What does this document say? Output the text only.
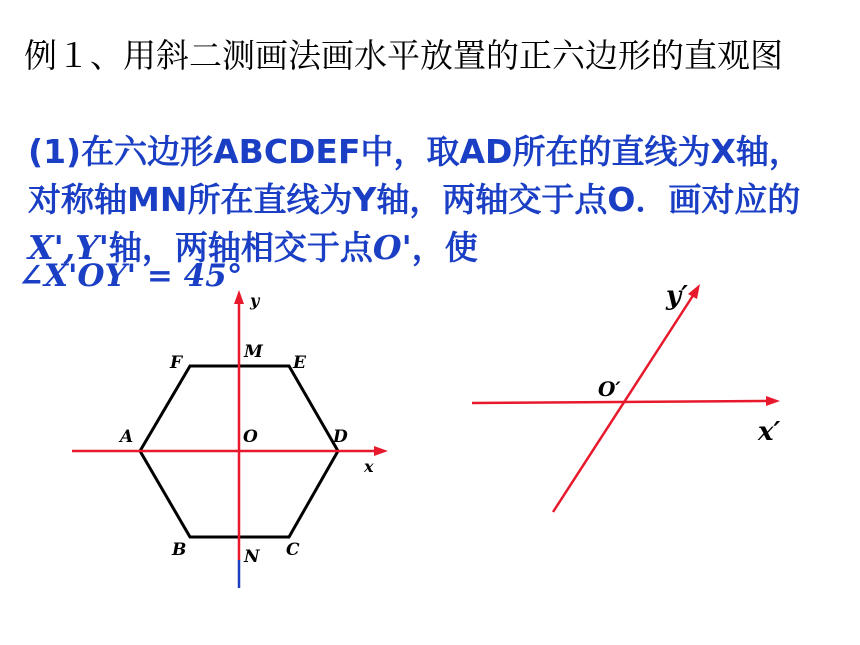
例１、用斜二测画法画水平放置的正六边形的直观图
(1)在六边形ABCDEF中，取AD所在的直线为X轴，对称轴MN所在直线为Y轴，两轴交于点O．画对应的X',Y'轴，两轴相交于点O'，使
∠X'OY' = 45°
F
M
E
A	O	D
x
y
B	N C
O′
x′
y′
